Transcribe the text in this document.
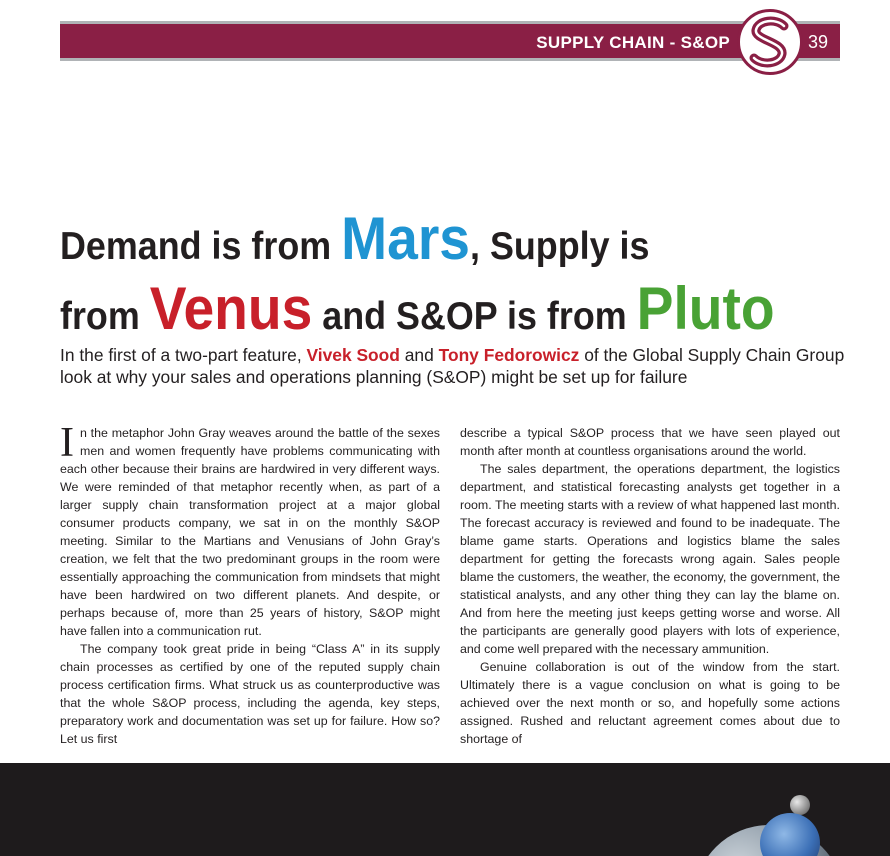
SUPPLY CHAIN - S&OP	39
Demand is from Mars, Supply is
from Venus and S&OP is from Pluto

In the first of a two-part feature, Vivek Sood and Tony Fedorowicz of the Global Supply Chain Group look at why your sales and operations planning (S&OP) might be set up for failure

In the metaphor John Gray weaves around the battle of the sexes men and women frequently have problems communicating with each other because their brains are hardwired in very different ways. We were reminded of that metaphor recently when, as part of a larger supply chain transformation project at a major global consumer products company, we sat in on the monthly S&OP meeting. Similar to the Martians and Venusians of John Gray’s creation, we felt that the two predominant groups in the room were essentially approaching the communication from mindsets that might have been hardwired on two different planets. And despite, or perhaps because of, more than 25 years of history, S&OP might have fallen into a communication rut.

The company took great pride in being “Class A” in its supply chain processes as certified by one of the reputed supply chain process certification firms. What struck us as counterproductive was that the whole S&OP process, including the agenda, key steps, preparatory work and documentation was set up for failure. How so? Let us first

describe a typical S&OP process that we have seen played out month after month at countless organisations around the world.

The sales department, the operations department, the logistics department, and statistical forecasting analysts get together in a room. The meeting starts with a review of what happened last month. The forecast accuracy is reviewed and found to be inadequate. The blame game starts. Operations and logistics blame the sales department for getting the forecasts wrong again. Sales people blame the customers, the weather, the economy, the government, the statistical analysts, and any other thing they can lay the blame on. And from here the meeting just keeps getting worse and worse. All the participants are generally good players with lots of experience, and come well prepared with the necessary ammunition.

Genuine collaboration is out of the window from the start. Ultimately there is a vague conclusion on what is going to be achieved over the next month or so, and hopefully some actions assigned. Rushed and reluctant agreement comes about due to shortage of
